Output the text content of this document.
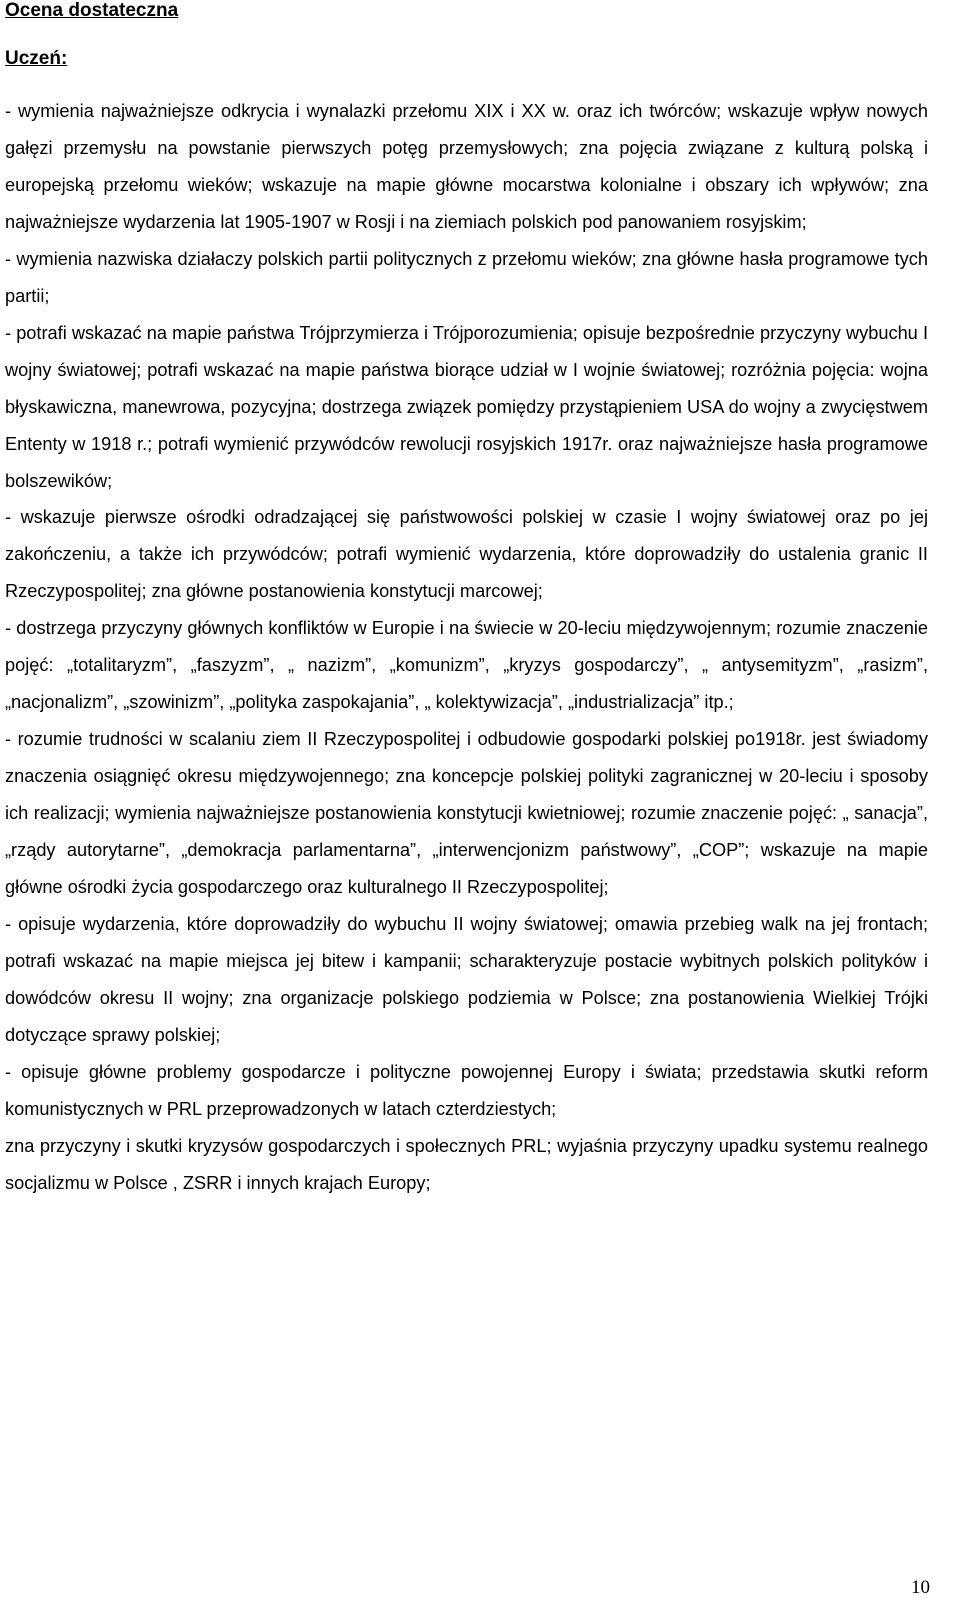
Ocena dostateczna
Uczeń:

- wymienia najważniejsze odkrycia i wynalazki przełomu XIX i XX w. oraz ich twórców; wskazuje wpływ nowych gałęzi przemysłu na powstanie pierwszych potęg przemysłowych; zna pojęcia związane z kulturą polską i europejską przełomu wieków; wskazuje na mapie główne mocarstwa kolonialne i obszary ich wpływów; zna najważniejsze wydarzenia lat 1905-1907 w Rosji i na ziemiach polskich pod panowaniem rosyjskim;

- wymienia nazwiska działaczy polskich partii politycznych z przełomu wieków; zna główne hasła programowe tych partii;

- potrafi wskazać na mapie państwa Trójprzymierza i Trójporozumienia; opisuje bezpośrednie przyczyny wybuchu I wojny światowej; potrafi wskazać na mapie państwa biorące udział w I wojnie światowej; rozróżnia pojęcia: wojna błyskawiczna, manewrowa, pozycyjna; dostrzega związek pomiędzy przystąpieniem USA do wojny a zwycięstwem Ententy w 1918 r.; potrafi wymienić przywódców rewolucji rosyjskich 1917r. oraz najważniejsze hasła programowe bolszewików;

- wskazuje pierwsze ośrodki odradzającej się państwowości polskiej w czasie I wojny światowej oraz po jej zakończeniu, a także ich przywódców; potrafi wymienić wydarzenia, które doprowadziły do ustalenia granic II Rzeczypospolitej; zna główne postanowienia konstytucji marcowej;

- dostrzega przyczyny głównych konfliktów w Europie i na świecie w 20-leciu międzywojennym; rozumie znaczenie pojęć: „totalitaryzm”, „faszyzm”, „ nazizm”, „komunizm”, „kryzys gospodarczy”, „ antysemityzm”, „rasizm”, „nacjonalizm”, „szowinizm”, „polityka zaspokajania”, „ kolektywizacja”, „industrializacja” itp.;

- rozumie trudności w scalaniu ziem II Rzeczypospolitej i odbudowie gospodarki polskiej po1918r. jest świadomy znaczenia osiągnięć okresu międzywojennego; zna koncepcje polskiej polityki zagranicznej w 20-leciu i sposoby ich realizacji; wymienia najważniejsze postanowienia konstytucji kwietniowej; rozumie znaczenie pojęć: „ sanacja”, „rządy autorytarne”, „demokracja parlamentarna”, „interwencjonizm państwowy”, „COP”; wskazuje na mapie główne ośrodki życia gospodarczego oraz kulturalnego II Rzeczypospolitej;

- opisuje wydarzenia, które doprowadziły do wybuchu II wojny światowej; omawia przebieg walk na jej frontach; potrafi wskazać na mapie miejsca jej bitew i kampanii; scharakteryzuje postacie wybitnych polskich polityków i dowódców okresu II wojny; zna organizacje polskiego podziemia w Polsce; zna postanowienia Wielkiej Trójki dotyczące sprawy polskiej;

- opisuje główne problemy gospodarcze i polityczne powojennej Europy i świata; przedstawia skutki reform komunistycznych w PRL przeprowadzonych w latach czterdziestych;

zna przyczyny i skutki kryzysów gospodarczych i społecznych PRL; wyjaśnia przyczyny upadku systemu realnego socjalizmu w Polsce , ZSRR i innych krajach Europy;

10
